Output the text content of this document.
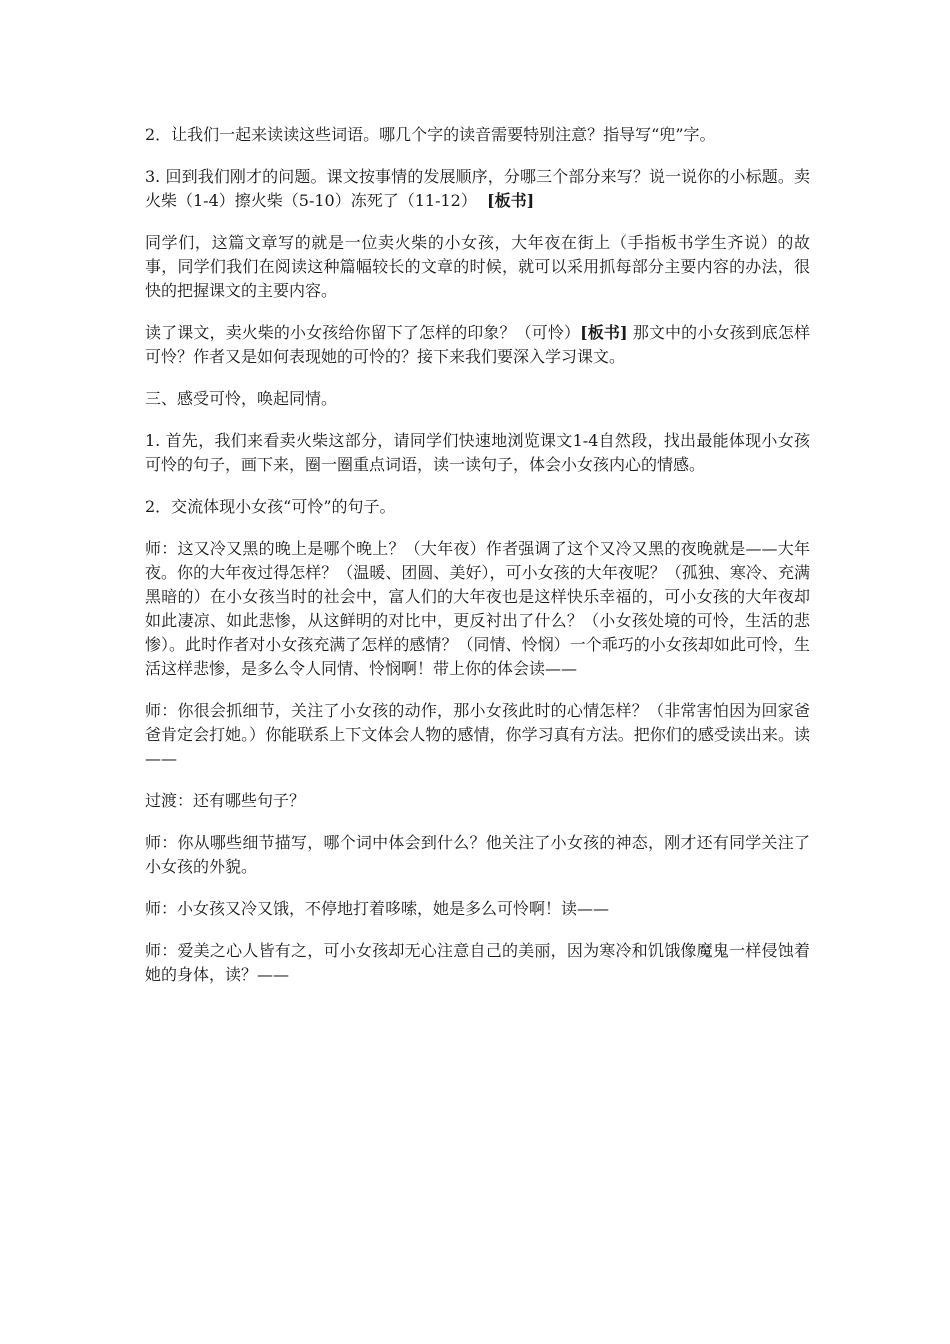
2．让我们一起来读读这些词语。哪几个字的读音需要特别注意？指导写“兜”字。

3. 回到我们刚才的问题。课文按事情的发展顺序，分哪三个部分来写？说一说你的小标题。卖火柴（1-4）擦火柴（5-10）冻死了（11-12） [板书]

同学们，这篇文章写的就是一位卖火柴的小女孩，大年夜在街上（手指板书学生齐说）的故事，同学们我们在阅读这种篇幅较长的文章的时候，就可以采用抓每部分主要内容的办法，很快的把握课文的主要内容。

读了课文，卖火柴的小女孩给你留下了怎样的印象？（可怜）[板书] 那文中的小女孩到底怎样可怜？作者又是如何表现她的可怜的？接下来我们要深入学习课文。

三、感受可怜，唤起同情。

1. 首先，我们来看卖火柴这部分，请同学们快速地浏览课文1-4自然段，找出最能体现小女孩可怜的句子，画下来，圈一圈重点词语，读一读句子，体会小女孩内心的情感。

2．交流体现小女孩“可怜”的句子。

师：这又冷又黑的晚上是哪个晚上？（大年夜）作者强调了这个又冷又黑的夜晚就是——大年夜。你的大年夜过得怎样？（温暖、团圆、美好），可小女孩的大年夜呢？（孤独、寒冷、充满黑暗的）在小女孩当时的社会中，富人们的大年夜也是这样快乐幸福的，可小女孩的大年夜却如此凄凉、如此悲惨，从这鲜明的对比中，更反衬出了什么？（小女孩处境的可怜，生活的悲惨）。此时作者对小女孩充满了怎样的感情？（同情、怜悯）一个乖巧的小女孩却如此可怜，生活这样悲惨，是多么令人同情、怜悯啊！带上你的体会读——

师：你很会抓细节，关注了小女孩的动作，那小女孩此时的心情怎样？（非常害怕因为回家爸爸肯定会打她。）你能联系上下文体会人物的感情，你学习真有方法。把你们的感受读出来。读——

过渡：还有哪些句子？

师：你从哪些细节描写，哪个词中体会到什么？他关注了小女孩的神态，刚才还有同学关注了小女孩的外貌。

师：小女孩又冷又饿，不停地打着哆嗦，她是多么可怜啊！读——

师：爱美之心人皆有之，可小女孩却无心注意自己的美丽，因为寒冷和饥饿像魔鬼一样侵蚀着她的身体，读？——
